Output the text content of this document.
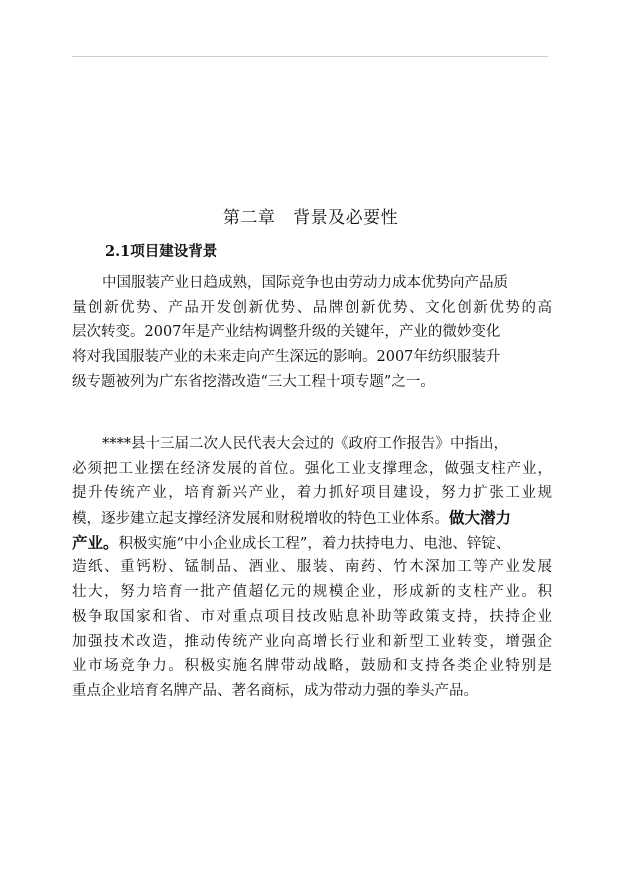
第二章   背景及必要性
2.1项目建设背景
中国服装产业日趋成熟，国际竞争也由劳动力成本优势向产品质
量创新优势、产品开发创新优势、品牌创新优势、文化创新优势的高
层次转变。2007年是产业结构调整升级的关键年，产业的微妙变化
将对我国服装产业的未来走向产生深远的影响。2007年纺织服装升
级专题被列为广东省挖潜改造“三大工程十项专题”之一。
****县十三届二次人民代表大会过的《政府工作报告》中指出，
必须把工业摆在经济发展的首位。强化工业支撑理念，做强支柱产业，
提升传统产业，培育新兴产业，着力抓好项目建设，努力扩张工业规
模，逐步建立起支撑经济发展和财税增收的特色工业体系。做大潜力
产业。积极实施“中小企业成长工程”，着力扶持电力、电池、锌锭、
造纸、重钙粉、锰制品、酒业、服装、南药、竹木深加工等产业发展
壮大，努力培育一批产值超亿元的规模企业，形成新的支柱产业。积
极争取国家和省、市对重点项目技改贴息补助等政策支持，扶持企业
加强技术改造，推动传统产业向高增长行业和新型工业转变，增强企
业市场竞争力。积极实施名牌带动战略，鼓励和支持各类企业特别是
重点企业培育名牌产品、著名商标，成为带动力强的拳头产品。
